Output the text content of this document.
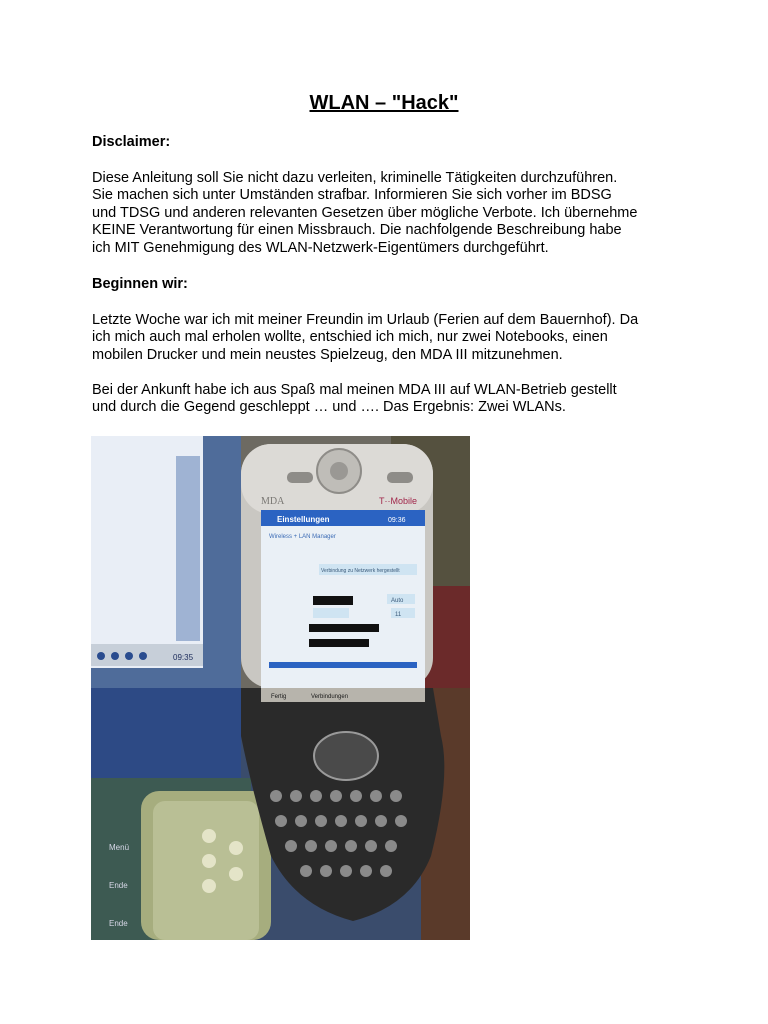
WLAN – "Hack"
Disclaimer:
Diese Anleitung soll Sie nicht dazu verleiten, kriminelle Tätigkeiten durchzuführen.
Sie machen sich unter Umständen strafbar. Informieren Sie sich vorher im BDSG
und TDSG und anderen relevanten Gesetzen über mögliche Verbote. Ich übernehme
KEINE Verantwortung für einen Missbrauch. Die nachfolgende Beschreibung habe
ich MIT Genehmigung des WLAN-Netzwerk-Eigentümers durchgeführt.
Beginnen wir:
Letzte Woche war ich mit meiner Freundin im Urlaub (Ferien auf dem Bauernhof). Da
ich mich auch mal erholen wollte, entschied ich mich, nur zwei Notebooks, einen
mobilen Drucker und mein neustes Spielzeug, den MDA III mitzunehmen.
Bei der Ankunft habe ich aus Spaß mal meinen MDA III auf WLAN-Betrieb gestellt
und durch die Gegend geschleppt … und …. Das Ergebnis: Zwei WLANs.
09:35
MDA	T··Mobile
Einstellungen	09:36
Wireless + LAN Manager
Verbindung zu Netzwerk hergestellt
Auto
11
Menü
Ende
Ende
Fertig	Verbindungen
